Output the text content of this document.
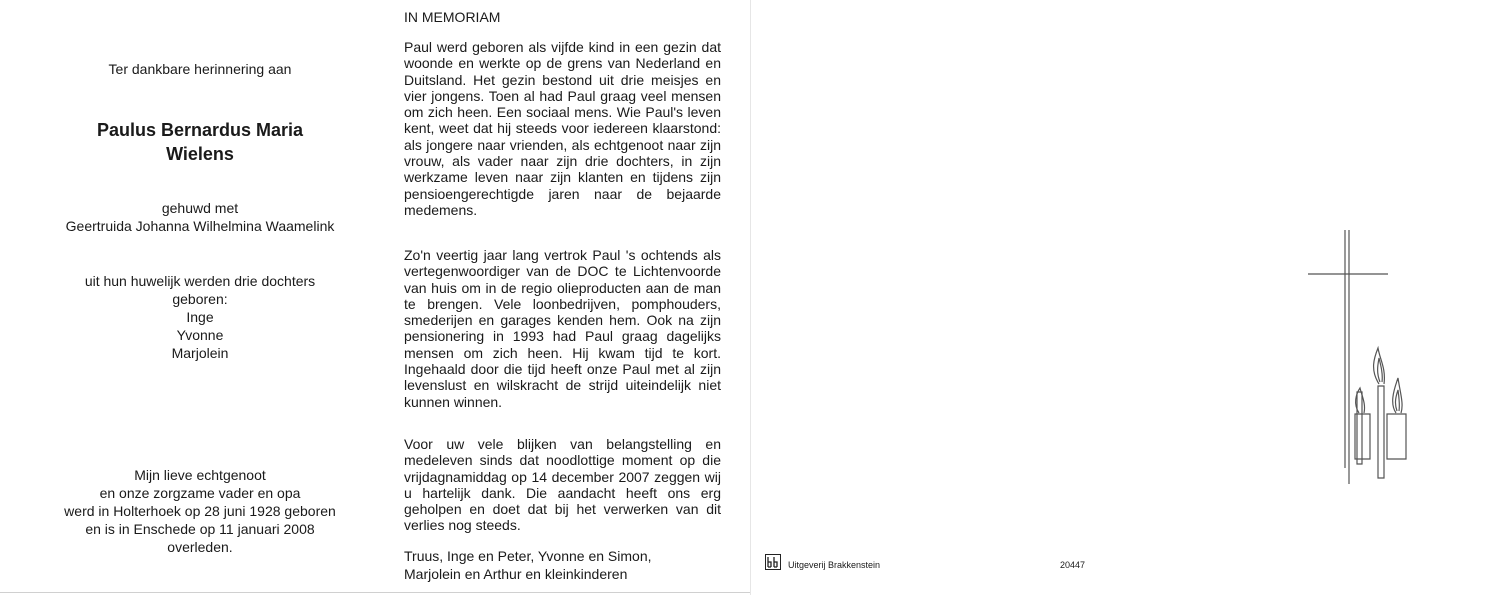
Ter dankbare herinnering aan
Paulus Bernardus Maria
Wielens
gehuwd met
Geertruida Johanna Wilhelmina Waamelink
uit hun huwelijk werden drie dochters
geboren:
Inge
Yvonne
Marjolein
Mijn lieve echtgenoot
en onze zorgzame vader en opa
werd in Holterhoek op 28 juni 1928 geboren
en is in Enschede op 11 januari 2008
overleden.
IN MEMORIAM

Paul werd geboren als vijfde kind in een gezin dat woonde en werkte op de grens van Nederland en Duitsland. Het gezin bestond uit drie meisjes en vier jongens. Toen al had Paul graag veel mensen om zich heen. Een sociaal mens. Wie Paul's leven kent, weet dat hij steeds voor iedereen klaarstond: als jongere naar vrienden, als echtgenoot naar zijn vrouw, als vader naar zijn drie dochters, in zijn werkzame leven naar zijn klanten en tijdens zijn pensioengerechtigde jaren naar de bejaarde medemens.

Zo'n veertig jaar lang vertrok Paul 's ochtends als vertegenwoordiger van de DOC te Lichtenvoorde van huis om in de regio olieproducten aan de man te brengen. Vele loonbedrijven, pomphouders, smederijen en garages kenden hem. Ook na zijn pensionering in 1993 had Paul graag dagelijks mensen om zich heen. Hij kwam tijd te kort. Ingehaald door die tijd heeft onze Paul met al zijn levenslust en wilskracht de strijd uiteindelijk niet kunnen winnen.

Voor uw vele blijken van belangstelling en medeleven sinds dat noodlottige moment op die vrijdagnamiddag op 14 december 2007 zeggen wij u hartelijk dank. Die aandacht heeft ons erg geholpen en doet dat bij het verwerken van dit verlies nog steeds.

Truus, Inge en Peter, Yvonne en Simon,
Marjolein en Arthur en kleinkinderen
Uitgeverij Brakkenstein	20447
